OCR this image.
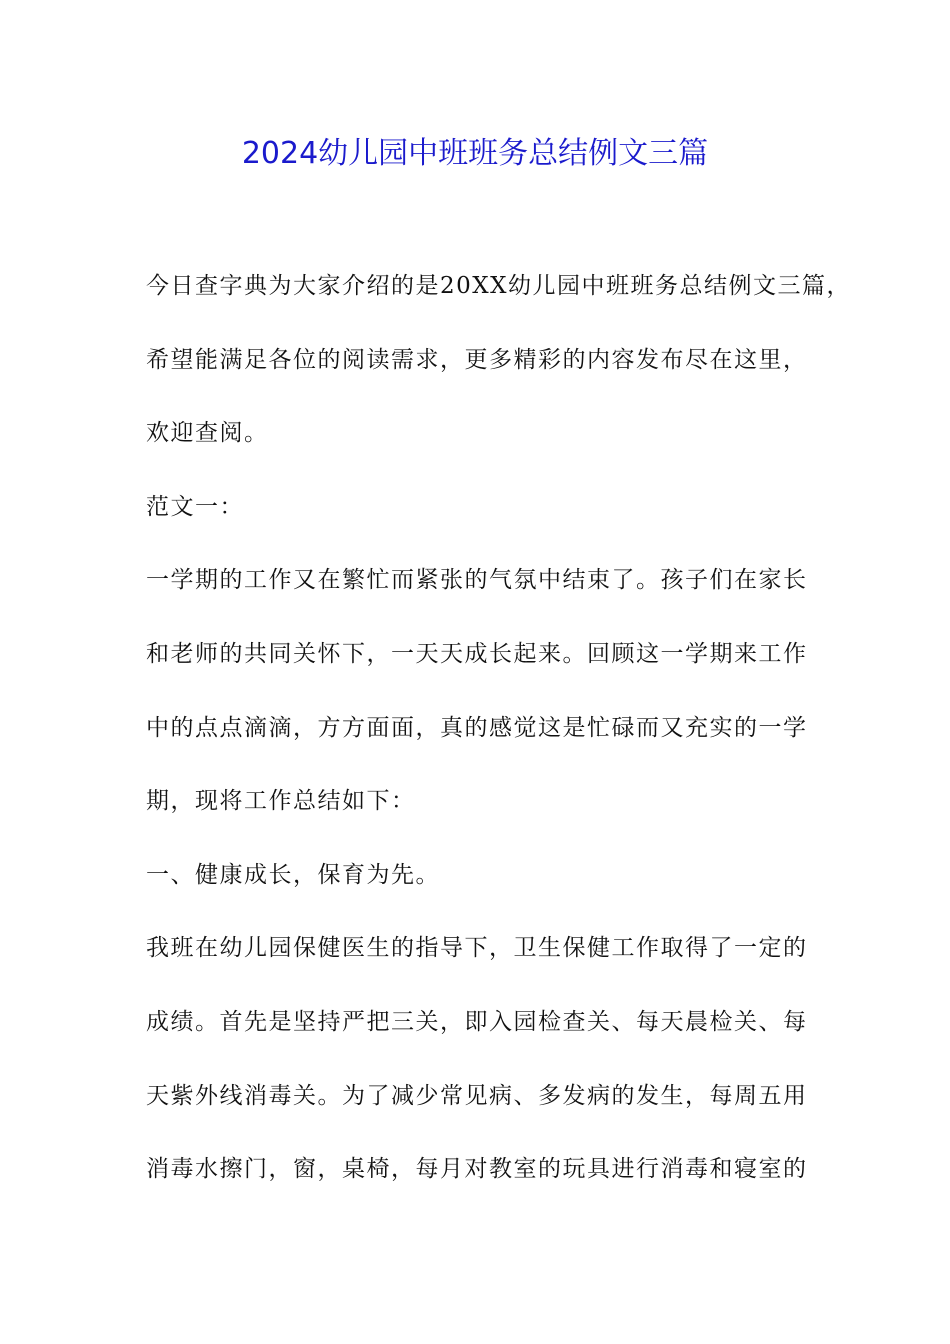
2024幼儿园中班班务总结例文三篇
今日查字典为大家介绍的是20XX幼儿园中班班务总结例文三篇，
希望能满足各位的阅读需求，更多精彩的内容发布尽在这里，
欢迎查阅。
范文一：
一学期的工作又在繁忙而紧张的气氛中结束了。孩子们在家长
和老师的共同关怀下，一天天成长起来。回顾这一学期来工作
中的点点滴滴，方方面面，真的感觉这是忙碌而又充实的一学
期，现将工作总结如下：
一、健康成长，保育为先。
我班在幼儿园保健医生的指导下，卫生保健工作取得了一定的
成绩。首先是坚持严把三关，即入园检查关、每天晨检关、每
天紫外线消毒关。为了减少常见病、多发病的发生，每周五用
消毒水擦门，窗，桌椅，每月对教室的玩具进行消毒和寝室的
